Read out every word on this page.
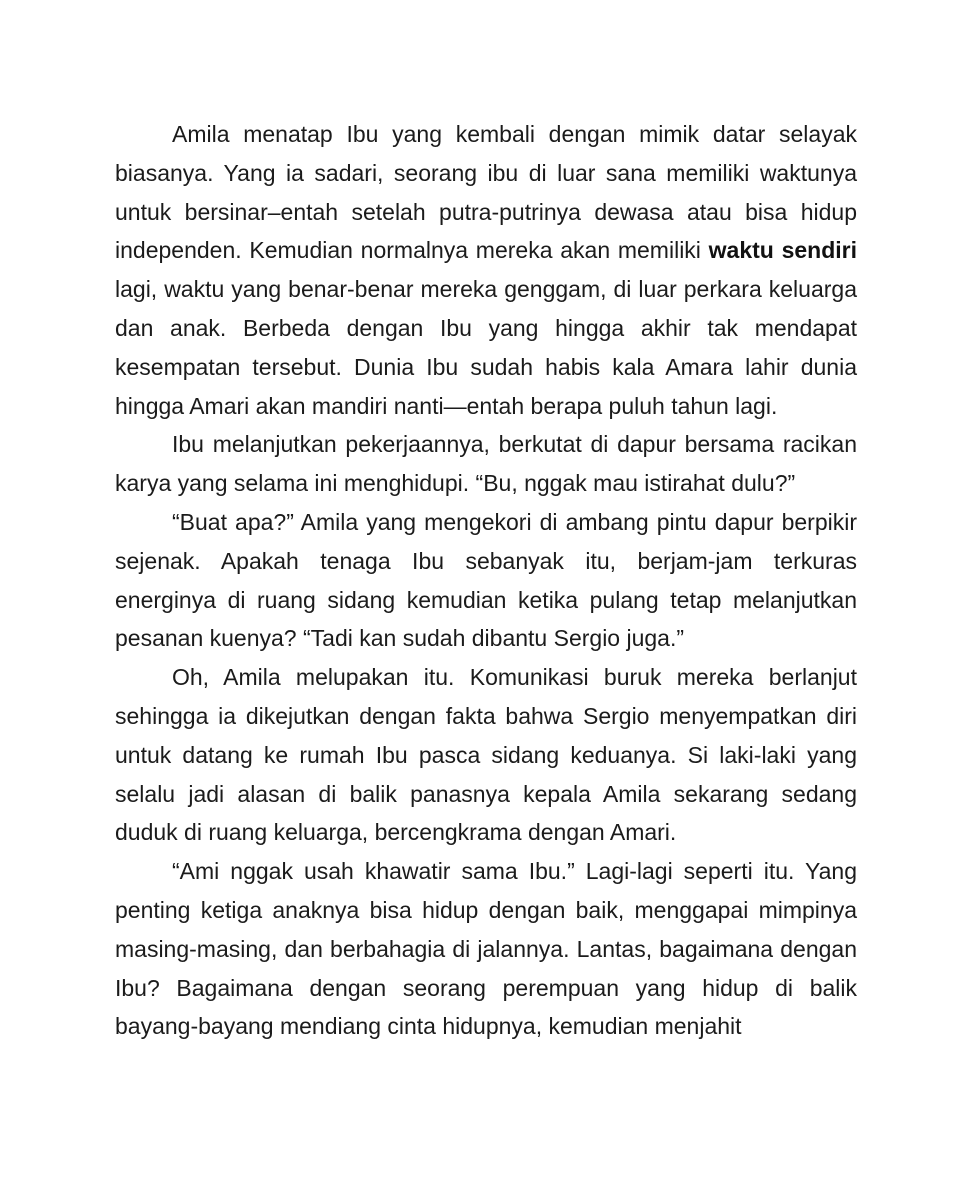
Amila menatap Ibu yang kembali dengan mimik datar selayak biasanya. Yang ia sadari, seorang ibu di luar sana memiliki waktunya untuk bersinar–entah setelah putra-putrinya dewasa atau bisa hidup independen. Kemudian normalnya mereka akan memiliki waktu sendiri lagi, waktu yang benar-benar mereka genggam, di luar perkara keluarga dan anak. Berbeda dengan Ibu yang hingga akhir tak mendapat kesempatan tersebut. Dunia Ibu sudah habis kala Amara lahir dunia hingga Amari akan mandiri nanti—entah berapa puluh tahun lagi.

Ibu melanjutkan pekerjaannya, berkutat di dapur bersama racikan karya yang selama ini menghidupi. “Bu, nggak mau istirahat dulu?”

“Buat apa?” Amila yang mengekori di ambang pintu dapur berpikir sejenak. Apakah tenaga Ibu sebanyak itu, berjam-jam terkuras energinya di ruang sidang kemudian ketika pulang tetap melanjutkan pesanan kuenya? “Tadi kan sudah dibantu Sergio juga.”

Oh, Amila melupakan itu. Komunikasi buruk mereka berlanjut sehingga ia dikejutkan dengan fakta bahwa Sergio menyempatkan diri untuk datang ke rumah Ibu pasca sidang keduanya. Si laki-laki yang selalu jadi alasan di balik panasnya kepala Amila sekarang sedang duduk di ruang keluarga, bercengkrama dengan Amari.

“Ami nggak usah khawatir sama Ibu.” Lagi-lagi seperti itu. Yang penting ketiga anaknya bisa hidup dengan baik, menggapai mimpinya masing-masing, dan berbahagia di jalannya. Lantas, bagaimana dengan Ibu? Bagaimana dengan seorang perempuan yang hidup di balik bayang-bayang mendiang cinta hidupnya, kemudian menjahit
